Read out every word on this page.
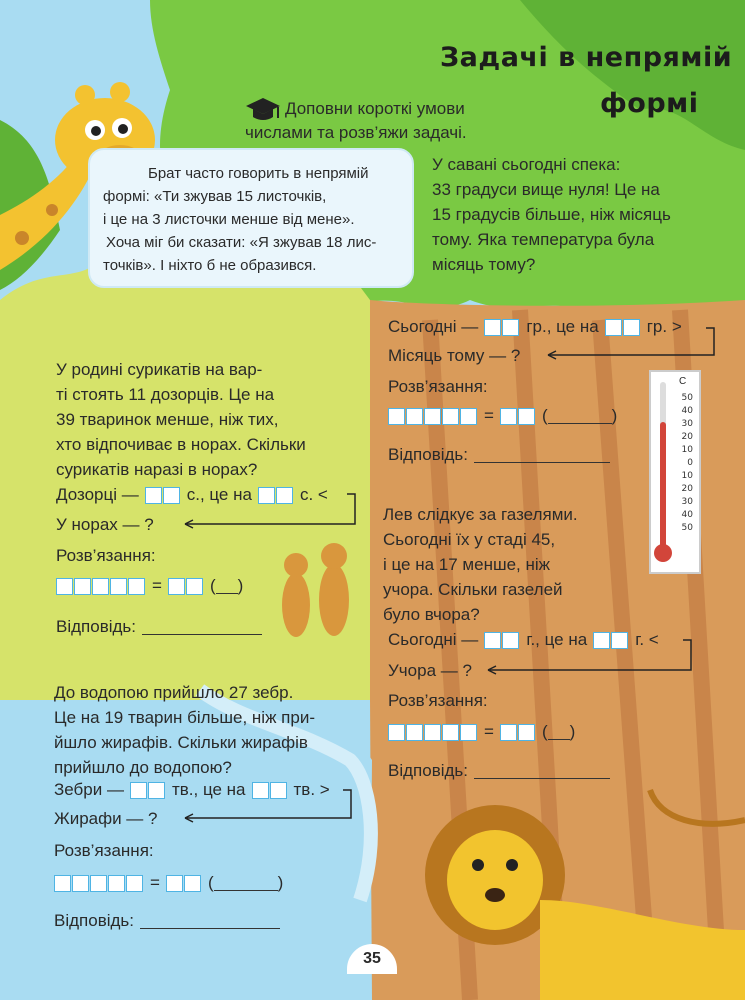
Задачі в непрямій
формі
Доповни короткі умови
числами та розв’яжи задачі.
Брат часто говорить в непрямій
формі: «Ти зжував 15 листочків,
і це на 3 листочки менше від мене».
Хоча міг би сказати: «Я зжував 18 лис-
точків». І ніхто б не образився.
У савані сьогодні спека:
33 градуси вище нуля! Це на
15 градусів більше, ніж місяць
тому. Яка температура була
місяць тому?
Сьогодні —	гр., це на	гр. >
Місяць тому — ?
Розв’язання:
=	(	)
Відповідь:
С
50
40
30
20
10
0
10
20
30
40
50
У родині сурикатів на вар-
ті стоять 11 дозорців. Це на
39 тваринок менше, ніж тих,
хто відпочиває в норах. Скільки
сурикатів наразі в норах?
Дозорці —	с., це на	с. <
У норах — ?
Розв’язання:
=	( )
Відповідь:
Лев слідкує за газелями.
Сьогодні їх у стаді 45,
і це на 17 менше, ніж
учора. Скільки газелей
було вчора?
Сьогодні —	г., це на	г. <
Учора — ?
Розв’язання:
=	( )
Відповідь:
До водопою прийшло 27 зебр.
Це на 19 тварин більше, ніж при-
йшло жирафів. Скільки жирафів
прийшло до водопою?
Зебри —	тв., це на	тв. >
Жирафи — ?
Розв’язання:
=	(	)
Відповідь:
35
